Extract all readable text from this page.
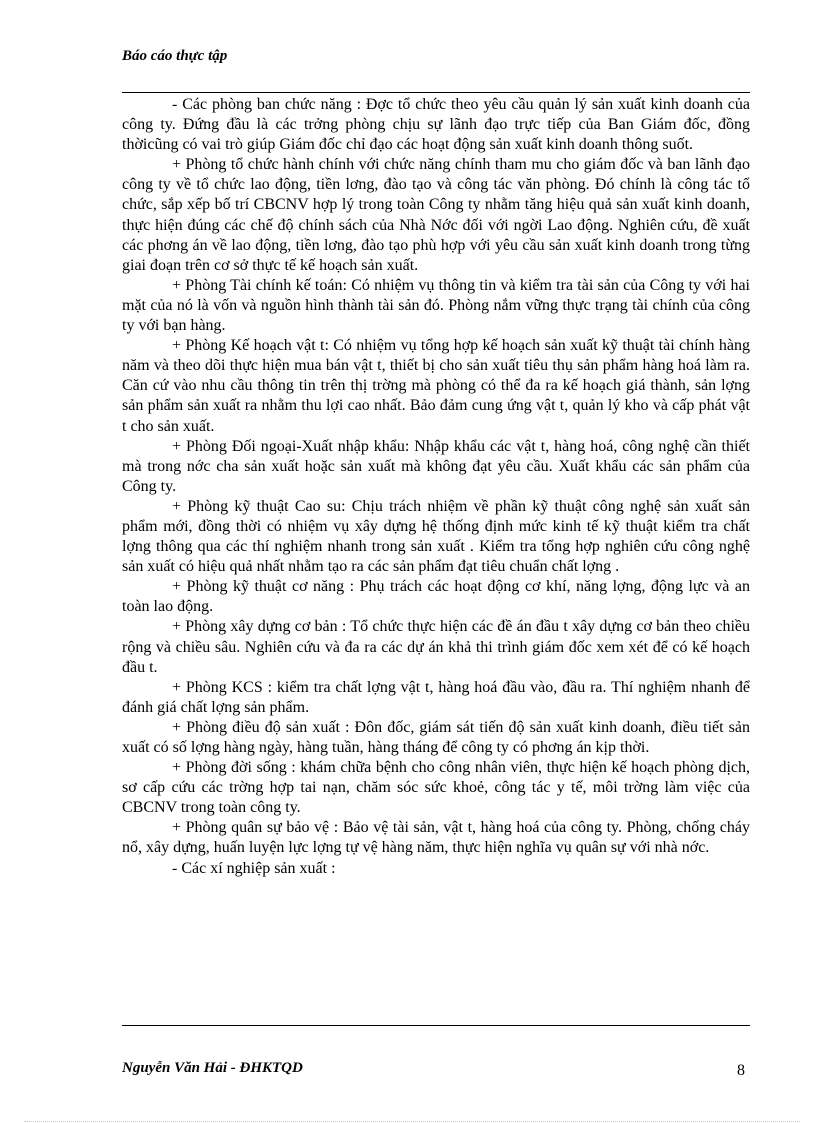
Báo cáo thực tập

- Các phòng ban chức năng : Đợc tổ chức theo yêu cầu quản lý sản xuất kinh doanh của công ty. Đứng đầu là các trởng phòng chịu sự lãnh đạo trực tiếp của Ban Giám đốc, đồng thờicũng có vai trò giúp Giám đốc chỉ đạo các hoạt động sản xuất kinh doanh thông suốt.

+ Phòng tổ chức hành chính với chức năng chính tham mu cho giám đốc và ban lãnh đạo công ty về tổ chức lao động, tiền lơng, đào tạo và công tác văn phòng. Đó chính là công tác tổ chức, sắp xếp bố trí CBCNV hợp lý trong toàn Công ty nhằm tăng hiệu quả sản xuất kinh doanh, thực hiện đúng các chế độ chính sách của Nhà Nớc đối với ngời Lao động. Nghiên cứu, đề xuất các phơng án về lao động, tiền lơng, đào tạo phù hợp với yêu cầu sản xuất kinh doanh trong từng giai đoạn trên cơ sở thực tế kế hoạch sản xuất.

+ Phòng Tài chính kế toán: Có nhiệm vụ thông tin và kiểm tra tài sản của Công ty với hai mặt của nó là vốn và nguồn hình thành tài sản đó. Phòng nắm vững thực trạng tài chính của công ty với bạn hàng.

+ Phòng Kế hoạch vật t: Có nhiệm vụ tổng hợp kế hoạch sản xuất kỹ thuật tài chính hàng năm và theo dõi thực hiện mua bán vật t, thiết bị cho sản xuất tiêu thụ sản phẩm hàng hoá làm ra. Căn cứ vào nhu cầu thông tin trên thị trờng mà phòng có thể đa ra kế hoạch giá thành, sản lợng sản phẩm sản xuất ra nhằm thu lợi cao nhất. Bảo đảm cung ứng vật t, quản lý kho và cấp phát vật t cho sản xuất.

+ Phòng Đối ngoại-Xuất nhập khẩu: Nhập khẩu các vật t, hàng hoá, công nghệ cần thiết mà trong nớc cha sản xuất hoặc sản xuất mà không đạt yêu cầu. Xuất khẩu các sản phẩm của Công ty.

+ Phòng kỹ thuật Cao su: Chịu trách nhiệm về phần kỹ thuật công nghệ sản xuất sản phẩm mới, đồng thời có nhiệm vụ xây dựng hệ thống định mức kinh tế kỹ thuật kiểm tra chất lợng thông qua các thí nghiệm nhanh trong sản xuất . Kiểm tra tổng hợp nghiên cứu công nghệ sản xuất có hiệu quả nhất nhằm tạo ra các sản phẩm đạt tiêu chuẩn chất lợng .

+ Phòng kỹ thuật cơ năng : Phụ trách các hoạt động cơ khí, năng lợng, động lực và an toàn lao động.

+ Phòng xây dựng cơ bản : Tổ chức thực hiện các đề án đầu t xây dựng cơ bản theo chiều rộng và chiều sâu. Nghiên cứu và đa ra các dự án khả thi trình giám đốc xem xét để có kế hoạch đầu t.

+ Phòng KCS : kiểm tra chất lợng vật t, hàng hoá đầu vào, đầu ra. Thí nghiệm nhanh để đánh giá chất lợng sản phẩm.

+ Phòng điều độ sản xuất : Đôn đốc, giám sát tiến độ sản xuất kinh doanh, điều tiết sản xuất có số lợng hàng ngày, hàng tuần, hàng tháng để công ty có phơng án kịp thời.

+ Phòng đời sống : khám chữa bệnh cho công nhân viên, thực hiện kế hoạch phòng dịch, sơ cấp cứu các trờng hợp tai nạn, chăm sóc sức khoẻ, công tác y tế, môi trờng làm việc của CBCNV trong toàn công ty.

+ Phòng quân sự bảo vệ : Bảo vệ tài sản, vật t, hàng hoá của công ty. Phòng, chống cháy nổ, xây dựng, huấn luyện lực lợng tự vệ hàng năm, thực hiện nghĩa vụ quân sự với nhà nớc.

- Các xí nghiệp sản xuất :

Nguyễn Văn Hải - ĐHKTQD	8
